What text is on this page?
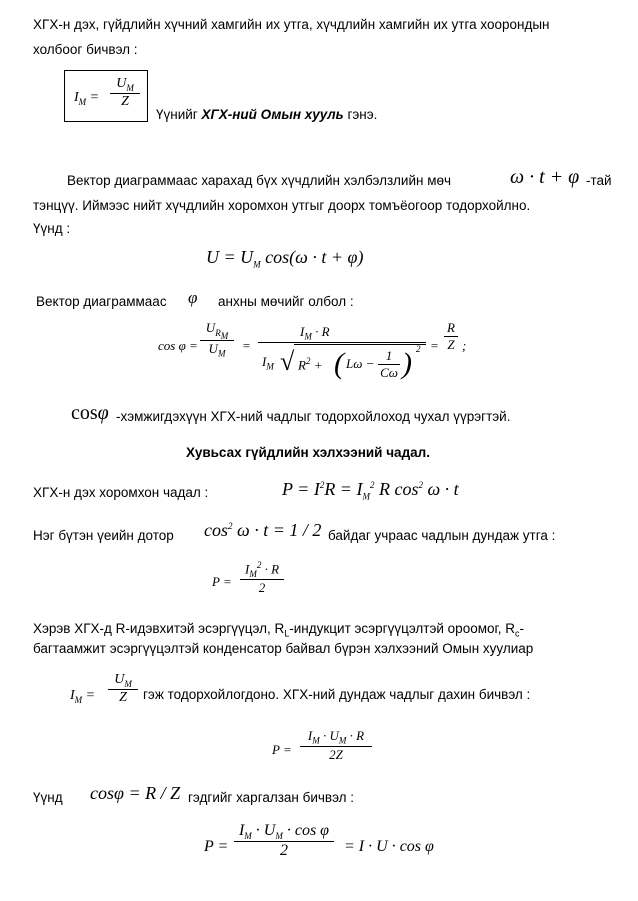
ХГХ-н дэх, гүйдлийн хүчний хамгийн их утга, хүчдлийн хамгийн их утга хоорондын
холбоог бичвэл :
$I_M = \frac{U_M}{Z}$
Үүнийг ХГХ-ний Омын хууль гэнэ.
Вектор диаграммаас харахад бүх хүчдлийн хэлбэлзлийн мөч	ω · t + φ -тай
тэнцүү. Иймээс нийт хүчдлийн хоромхон утгыг доорх томъёогоор тодорхойлно.
Үүнд :
$U = U_M$ cos(ω · t + φ)
Вектор диаграммаас φ анхны мөчийг олбол :
cos φ =
$U_{R_M}$
$U_M$
=
$I_M \cdot R$
$I_M$ √ $R^2$ + ( $L\omega - \frac{1}{C\omega}$ ) $2 = \frac{R}{Z}$ ;
cosφ -хэмжигдэхүүн ХГХ-ний чадлыг тодорхойлоход чухал үүрэгтэй.
Хувьсах гүйдлийн хэлхээний чадал.
ХГХ-н дэх хоромхон чадал :	$P = I^2R = I_M^2$ R $\cos^2 \omega \cdot t$
Нэг бүтэн үеийн дотор $\cos^2 \omega \cdot t = 1 / 2$ байдаг учраас чадлын дундаж утга :
$P = \frac{I_M^2 \cdot R}{2}$
Хэрэв ХГХ-д R-идэвхитэй эсэргүүцэл, $R_L$-индукцит эсэргүүцэлтэй ороомог, $R_c-$
багтаамжит эсэргүүцэлтэй конденсатор байвал бүрэн хэлхээний Омын хуулиар
$I_M = \frac{U_M}{Z}$ гэж тодорхойлогдоно. ХГХ-ний дундаж чадлыг дахин бичвэл :
$P = \frac{I_M \cdot U_M \cdot R}{2Z}$
Үүнд cosφ = R / Z гэдгийг харгалзан бичвэл :
$P = \frac{I_M \cdot U_M \cdot \cos \varphi}{2} = I \cdot U \cdot \cos \varphi$
